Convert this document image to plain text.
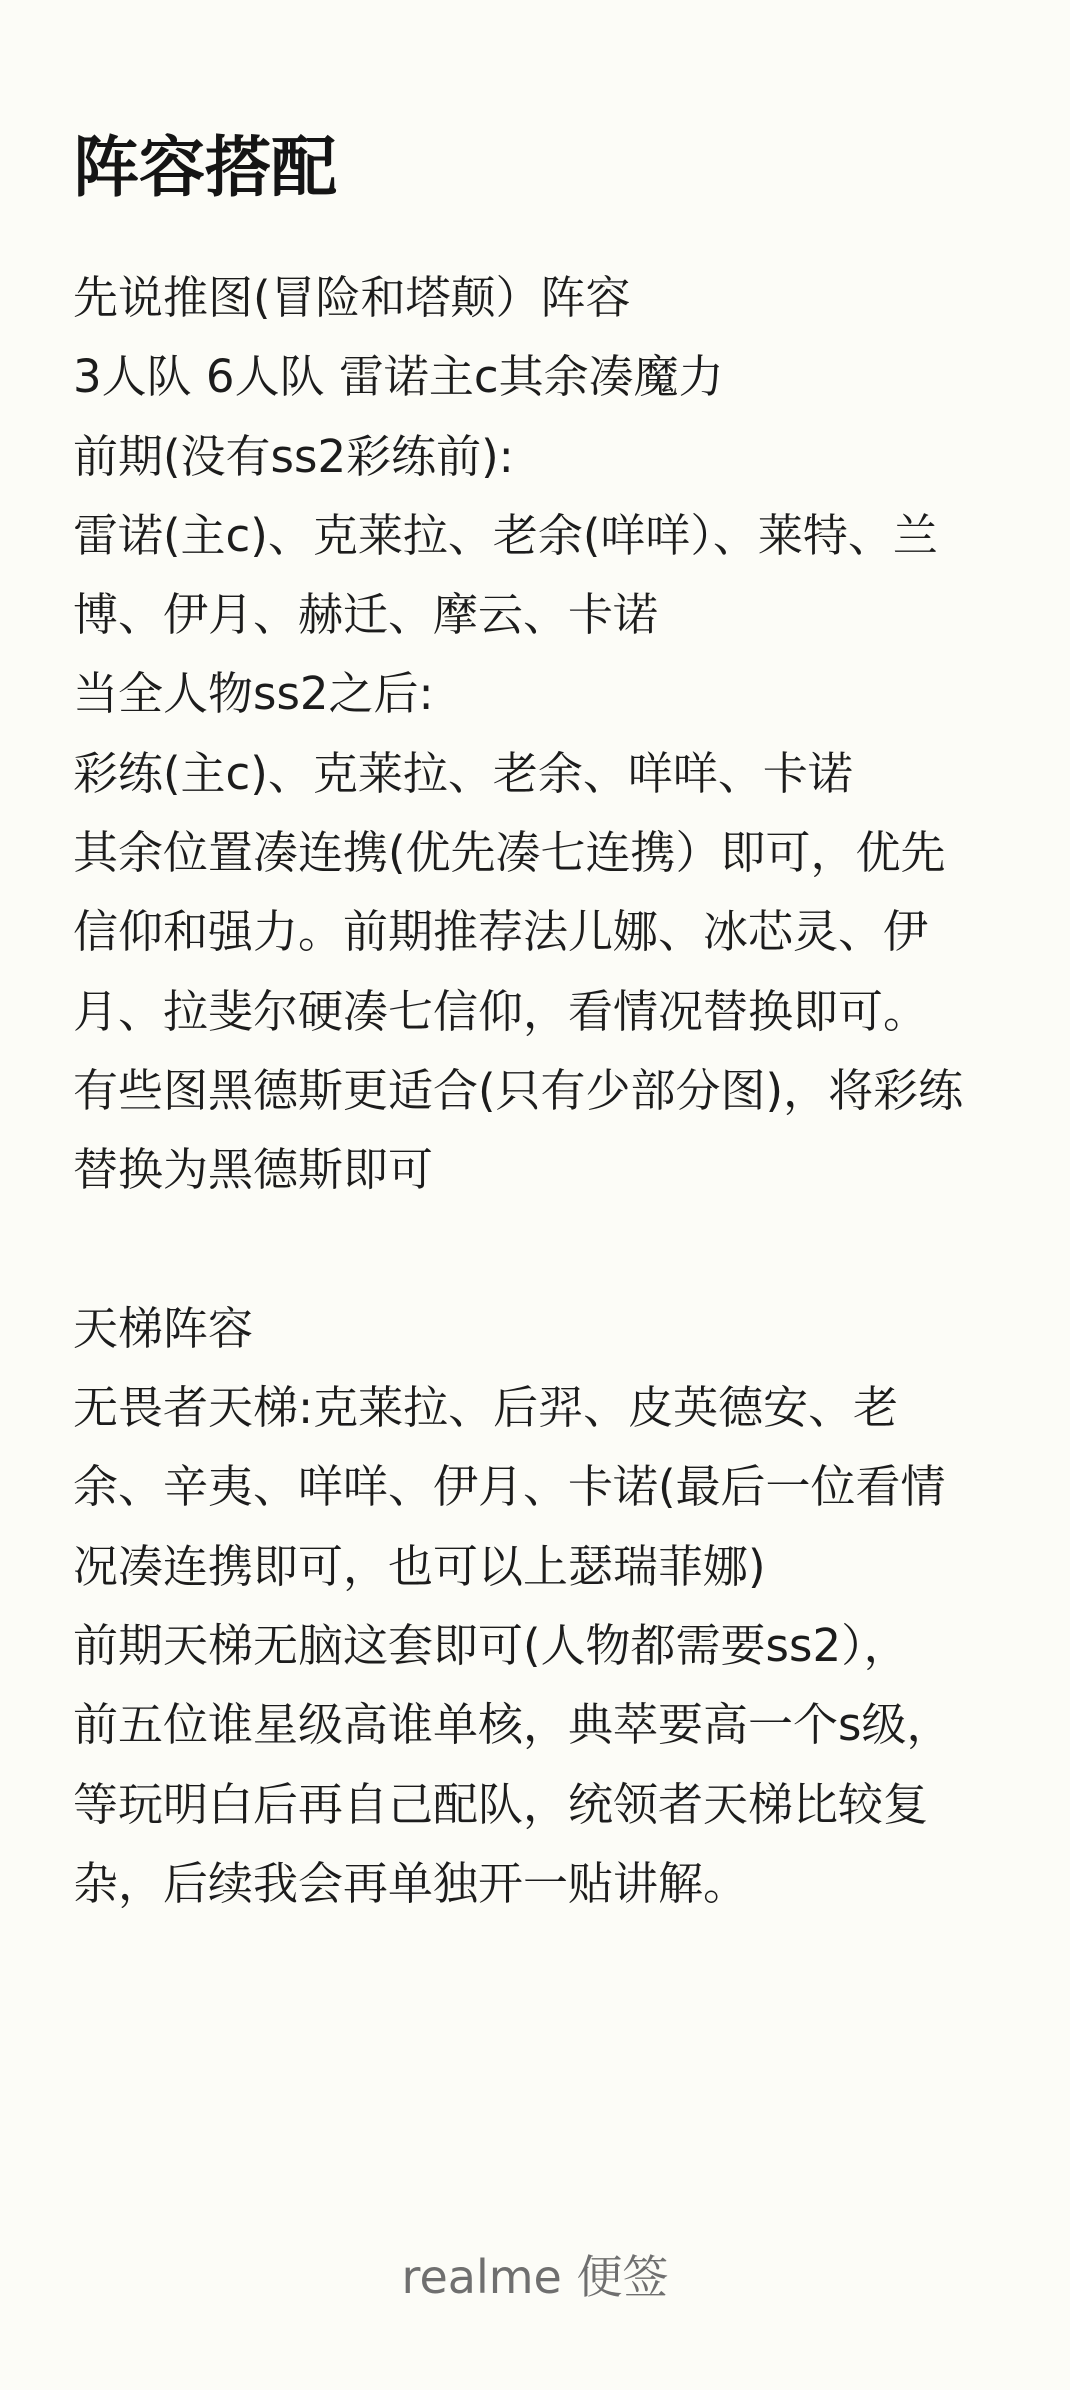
阵容搭配
先说推图(冒险和塔颠）阵容
3人队 6人队 雷诺主c其余凑魔力
前期(没有ss2彩练前):
雷诺(主c)、克莱拉、老余(咩咩）、莱特、兰
博、伊月、赫迁、摩云、卡诺
当全人物ss2之后:
彩练(主c)、克莱拉、老余、咩咩、卡诺
其余位置凑连携(优先凑七连携）即可，优先
信仰和强力。前期推荐法儿娜、冰芯灵、伊
月、拉斐尔硬凑七信仰，看情况替换即可。
有些图黑德斯更适合(只有少部分图)，将彩练
替换为黑德斯即可
天梯阵容
无畏者天梯:克莱拉、后羿、皮英德安、老
余、辛夷、咩咩、伊月、卡诺(最后一位看情
况凑连携即可，也可以上瑟瑞菲娜)
前期天梯无脑这套即可(人物都需要ss2），
前五位谁星级高谁单核，典萃要高一个s级，
等玩明白后再自己配队，统领者天梯比较复
杂，后续我会再单独开一贴讲解。
realme 便签
